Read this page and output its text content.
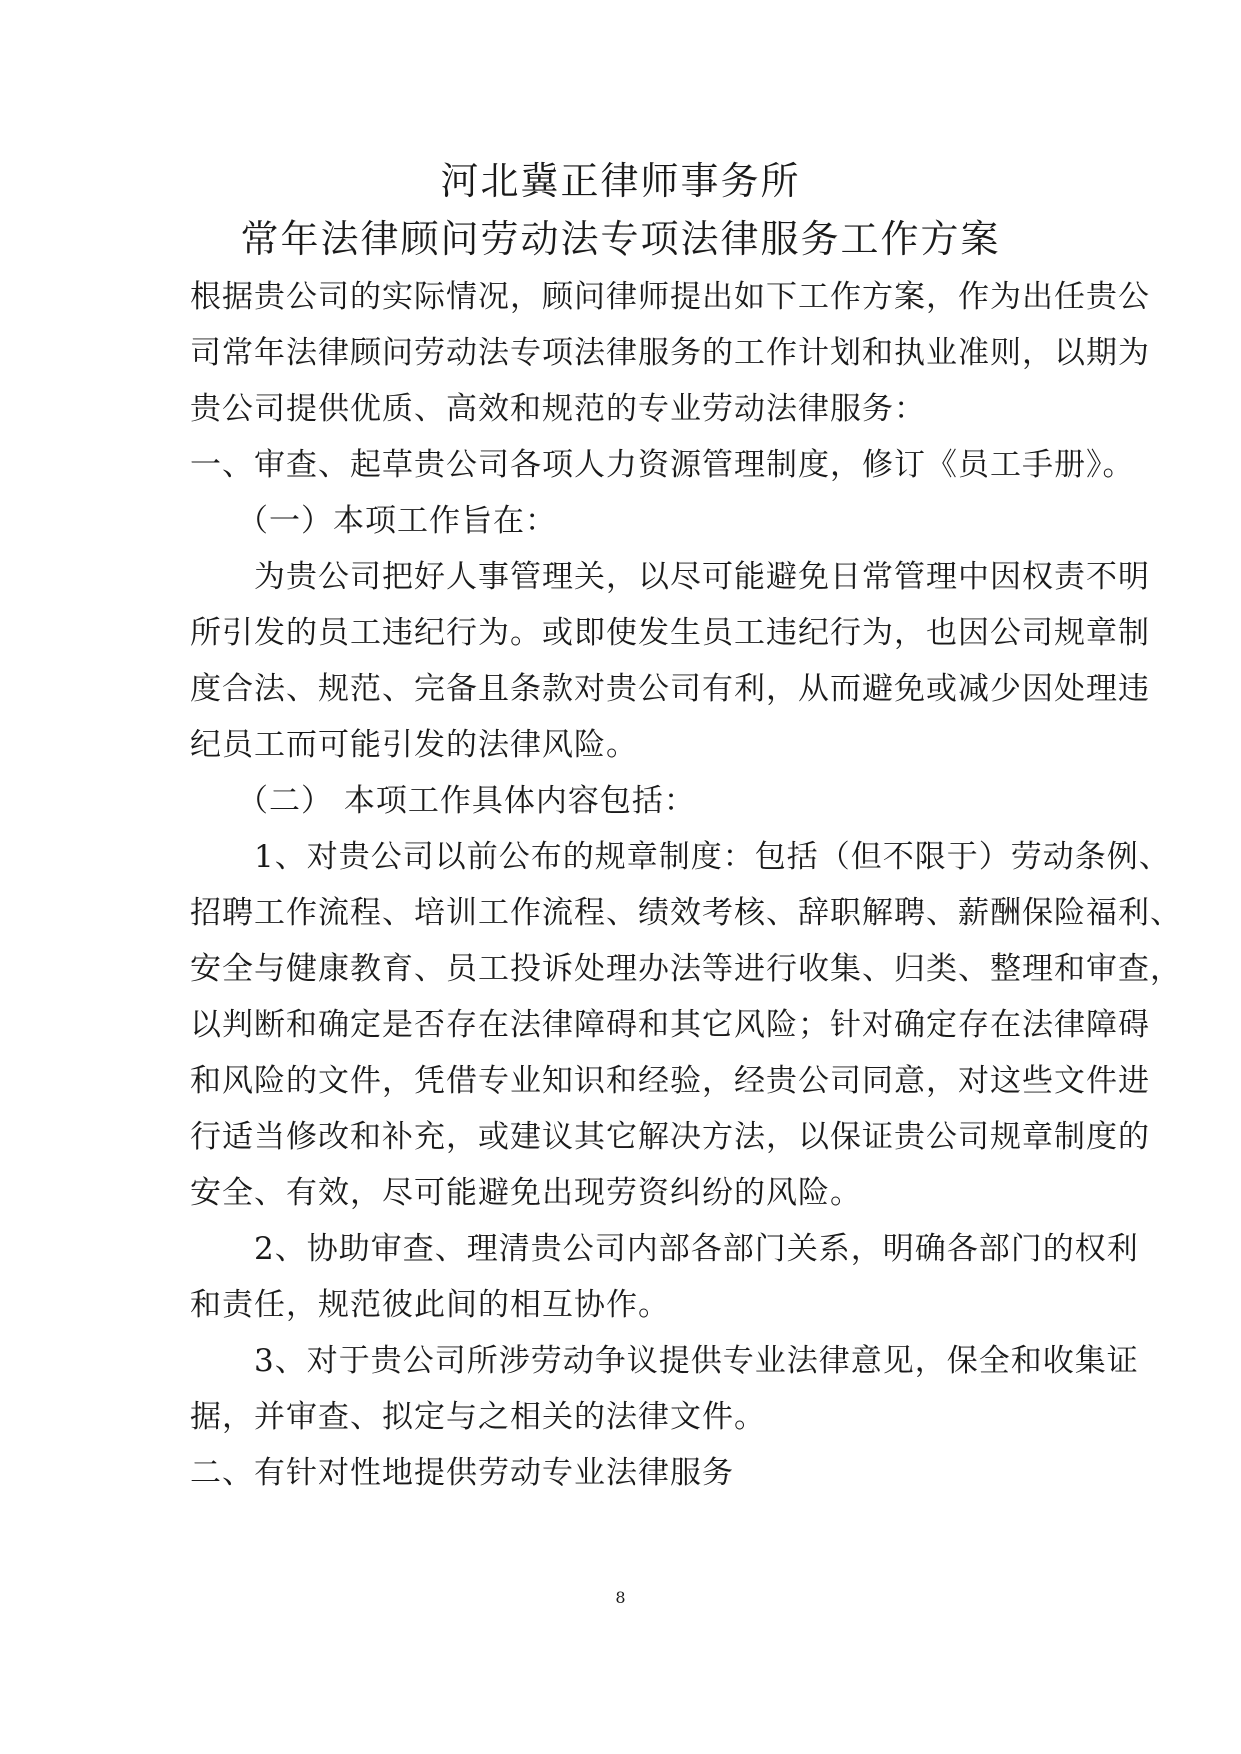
河北冀正律师事务所
常年法律顾问劳动法专项法律服务工作方案
根据贵公司的实际情况，顾问律师提出如下工作方案，作为出任贵公
司常年法律顾问劳动法专项法律服务的工作计划和执业准则，以期为
贵公司提供优质、高效和规范的专业劳动法律服务：
一、审查、起草贵公司各项人力资源管理制度，修订《员工手册》。
（一）本项工作旨在：
为贵公司把好人事管理关，以尽可能避免日常管理中因权责不明
所引发的员工违纪行为。或即使发生员工违纪行为，也因公司规章制
度合法、规范、完备且条款对贵公司有利，从而避免或减少因处理违
纪员工而可能引发的法律风险。
（二） 本项工作具体内容包括：
1、对贵公司以前公布的规章制度：包括（但不限于）劳动条例、
招聘工作流程、培训工作流程、绩效考核、辞职解聘、薪酬保险福利、
安全与健康教育、员工投诉处理办法等进行收集、归类、整理和审查，
以判断和确定是否存在法律障碍和其它风险；针对确定存在法律障碍
和风险的文件，凭借专业知识和经验，经贵公司同意，对这些文件进
行适当修改和补充，或建议其它解决方法，以保证贵公司规章制度的
安全、有效，尽可能避免出现劳资纠纷的风险。
2、协助审查、理清贵公司内部各部门关系，明确各部门的权利
和责任，规范彼此间的相互协作。
3、对于贵公司所涉劳动争议提供专业法律意见，保全和收集证
据，并审查、拟定与之相关的法律文件。
二、有针对性地提供劳动专业法律服务
8
